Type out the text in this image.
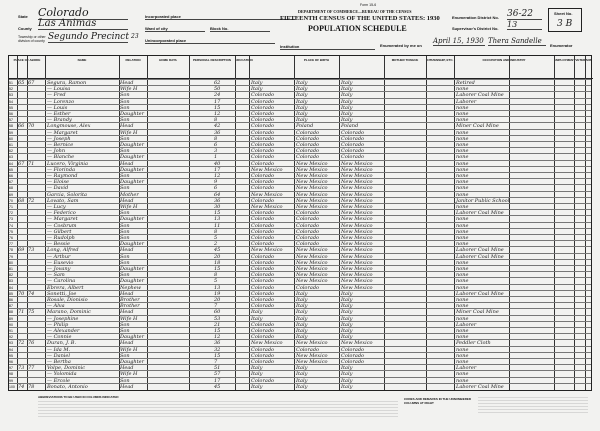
State Colorado
County Las Animas
Township or other division of county Segundo Precinct 23
Incorporated place
Ward of city	Block No.
Unincorporated place
Institution
Form 15-6
DEPARTMENT OF COMMERCE—BUREAU OF THE CENSUS
FIFTEENTH CENSUS OF THE UNITED STATES: 1930
POPULATION SCHEDULE
Enumeration District No. 36-22
Supervisor's District No. 13
Sheet No.
3 B
Enumerated by me on
April 15, 1930 Thera Sandelle
Enumerator
PLACE OF ABODE	NAME	RELATION	HOME DATA	PERSONAL DESCRIPTION	EDUCATION	PLACE OF BIRTH	MOTHER TONGUE	CITIZENSHIP, ETC.	OCCUPATION AND INDUSTRY	EMPLOYMENT VETERANS
51	65 67	Segura, Ramon	Head	62	Italy	Italy	Italy	Retired
52	— Louisa	Wife H	50	Italy	Italy	Italy	none
53	— Fred	Son	24	Colorado	Italy	Italy	Laborer Coal Mine
54	— Lorenzo	Son	17	Colorado	Italy	Italy	Laborer
55	— Louis	Son	15	Colorado	Italy	Italy	none
56	— Esther	Daughter	12	Colorado	Italy	Italy	none
57	— Brandy	Son	8	Colorado	Italy	Italy	none
58	66 70	Longmouse, Alex	Head	42	Colorado	Poland	Poland	Miner Coal Mine
59	— Margaret	Wife H	36	Colorado	Colorado	Colorado	none
60	— Joseph	Son	8	Colorado	Colorado	Colorado	none
61	— Bernice	Daughter	6	Colorado	Colorado	Colorado	none
62	— John	Son	3	Colorado	Colorado	Colorado	none
63	— Blanche	Daughter	1	Colorado	Colorado	Colorado	none
64	67 71	Lucero, Virginia	Head	40	Colorado	New Mexico	New Mexico	none
65	— Florinda	Daughter	17	New Mexico	New Mexico	New Mexico	none
66	— Raymond	Son	12	Colorado	New Mexico	New Mexico	none
67	— Eloise	Daughter	9	Colorado	New Mexico	New Mexico	none
68	— David	Son	6	Colorado	New Mexico	New Mexico	none
69	Garcia, Solorita	Mother	64	New Mexico	New Mexico	New Mexico	none
70	68 72	Lovato, Sam	Head	36	Colorado	New Mexico	New Mexico	Janitor Public School
71	— Lucy	Wife H	30	New Mexico	New Mexico	New Mexico	none
72	— Federico	Son	15	Colorado	Colorado	New Mexico	Laborer Coal Mine
73	— Margaret	Daughter	13	Colorado	Colorado	New Mexico	none
74	— Cosbrum	Son	11	Colorado	Colorado	New Mexico	none
75	— Gilbert	Son	8	Colorado	Colorado	New Mexico	none
76	— Rudolph	Son	5	Colorado	Colorado	New Mexico	none
77	— Bessie	Daughter	2	Colorado	Colorado	New Mexico	none
78	69 73	Long, Alfred	Head	45	New Mexico	New Mexico	New Mexico	Laborer Coal Mine
79	— Arthur	Son	20	Colorado	New Mexico	New Mexico	Laborer Coal Mine
80	— Eusevio	Son	18	Colorado	New Mexico	New Mexico	none
81	— Jovany	Daughter	15	Colorado	New Mexico	New Mexico	none
82	— Sam	Son	8	Colorado	New Mexico	New Mexico	none
83	— Carolina	Daughter	5	Colorado	New Mexico	New Mexico	none
84	Ebrera, Albert	Nephew	13	Colorado	Colorado	New Mexico	none
85	70 74	Sonetti, Joe	Head	19	Colorado	Italy	Italy	Laborer Coal Mine
86	Rosale, Dionisio	Brother	20	Colorado	Italy	Italy	none
87	— Alva	Brother	7	Colorado	Italy	Italy	none
88	71 75	Marano, Dominic	Head	60	Italy	Italy	Italy	Miner Coal Mine
89	— Josephine	Wife H	53	Italy	Italy	Italy	none
90	— Philip	Son	21	Colorado	Italy	Italy	Laborer
91	— Alexander	Son	15	Colorado	Italy	Italy	none
92	— Connie	Daughter	12	Colorado	Italy	Italy	none
93	72 76	Duran, J. B.	Head	36	New Mexico	New Mexico	New Mexico	Peddler Cloth
94	— Ida M.	Wife H	32	Colorado	Colorado	Colorado	none
95	— Daniel	Son	15	Colorado	New Mexico	Colorado	none
96	— Bertha	Daughter	7	Colorado	New Mexico	Colorado	none
97	73 77	Volpe, Dominic	Head	51	Italy	Italy	Italy	Laborer
98	— Yolomida	Wife H	57	Italy	Italy	Italy	none
99	— Ercole	Son	17	Colorado	Italy	Italy	none
100 74 78	Bonato, Antonio	Head	45	Italy	Italy	Italy	Laborer Coal Mine
ABBREVIATIONS TO BE USED IN COLUMNS INDICATED	CODES AND REMARKS IN THE UNNUMBERED COLUMNS AT RIGHT
